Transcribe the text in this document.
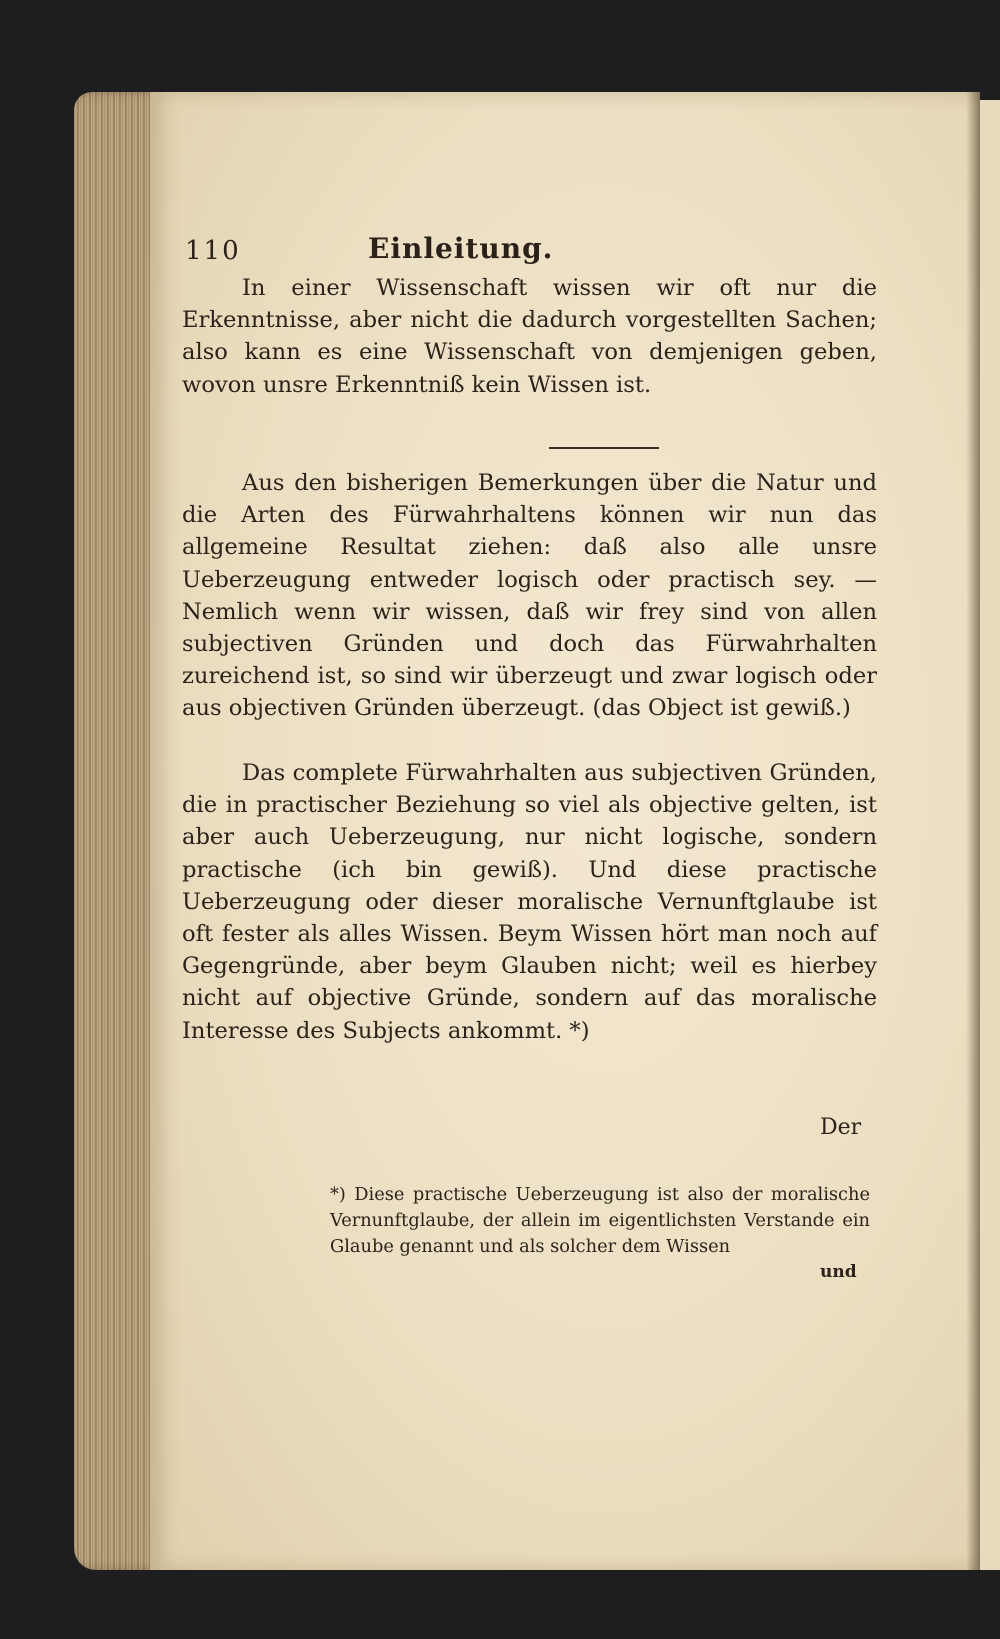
110	Einleitung.

In einer Wissenschaft wissen wir oft nur die Erkenntnisse, aber nicht die dadurch vorgestellten Sachen; also kann es eine Wissenschaft von demjenigen geben, wovon unsre Erkenntniß kein Wissen ist.

Aus den bisherigen Bemerkungen über die Natur und die Arten des Fürwahrhaltens können wir nun das allgemeine Resultat ziehen: daß also alle unsre Ueberzeugung entweder logisch oder practisch sey. — Nemlich wenn wir wissen, daß wir frey sind von allen subjectiven Gründen und doch das Fürwahrhalten zureichend ist, so sind wir überzeugt und zwar logisch oder aus objectiven Gründen überzeugt. (das Object ist gewiß.)

Das complete Fürwahrhalten aus subjectiven Gründen, die in practischer Beziehung so viel als objective gelten, ist aber auch Ueberzeugung, nur nicht logische, sondern practische (ich bin gewiß). Und diese practische Ueberzeugung oder dieser moralische Vernunftglaube ist oft fester als alles Wissen. Beym Wissen hört man noch auf Gegengründe, aber beym Glauben nicht; weil es hierbey nicht auf objective Gründe, sondern auf das moralische Interesse des Subjects ankommt. *)

Der

*) Diese practische Ueberzeugung ist also der moralische Vernunftglaube, der allein im eigentlichsten Verstande ein Glaube genannt und als solcher dem Wissen

und
